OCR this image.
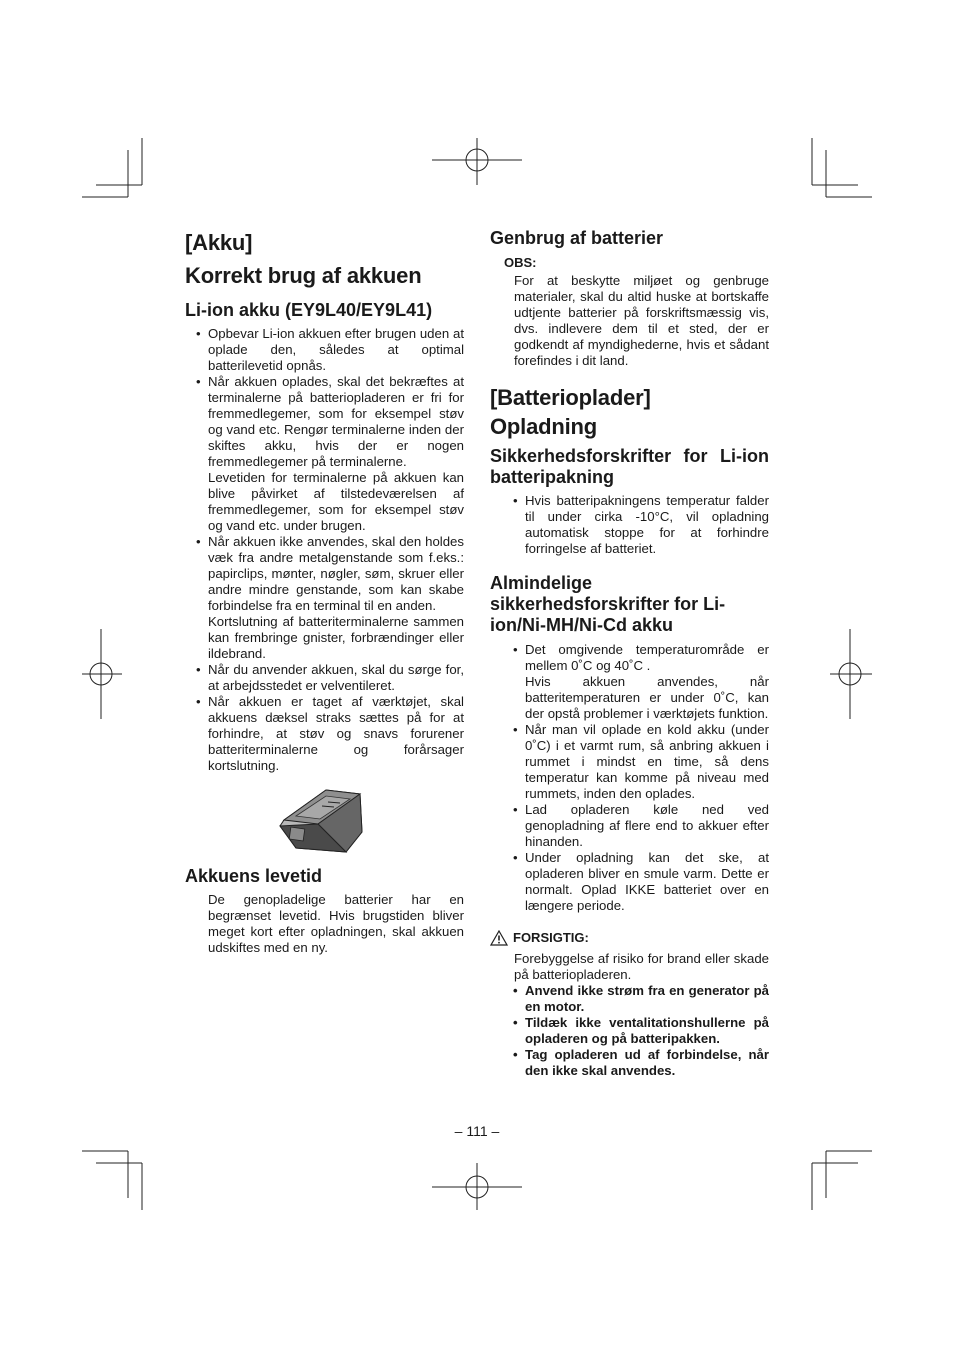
[Akku]
Korrekt brug af akkuen
Li-ion akku (EY9L40/EY9L41)
• Opbevar Li-ion akkuen efter brugen uden at oplade den, således at optimal batterilevetid opnås.
• Når akkuen oplades, skal det bekræftes at terminalerne på batteriopladeren er fri for fremmedlegemer, som for eksempel støv og vand etc. Rengør terminalerne inden der skiftes akku, hvis der er nogen fremmedlegemer på terminalerne.
Levetiden for terminalerne på akkuen kan blive påvirket af tilstedeværelsen af fremmedlegemer, som for eksempel støv og vand etc. under brugen.
• Når akkuen ikke anvendes, skal den holdes væk fra andre metalgenstande som f.eks.: papirclips, mønter, nøgler, søm, skruer eller andre mindre genstande, som kan skabe forbindelse fra en terminal til en anden.
Kortslutning af batteriterminalerne sammen kan frembringe gnister, forbrændinger eller ildebrand.
• Når du anvender akkuen, skal du sørge for, at arbejdsstedet er velventileret.
• Når akkuen er taget af værktøjet, skal akkuens dæksel straks sættes på for at forhindre, at støv og snavs forurener batteriterminalerne og forårsager kortslutning.
Akkuens levetid
De genopladelige batterier har en begrænset levetid. Hvis brugstiden bliver meget kort efter opladningen, skal akkuen udskiftes med en ny.
Genbrug af batterier
OBS:
For at beskytte miljøet og genbruge materialer, skal du altid huske at bortskaffe udtjente batterier på forskriftsmæssig vis, dvs. indlevere dem til et sted, der er godkendt af myndighederne, hvis et sådant forefindes i dit land.
[Batterioplader]
Opladning
Sikkerhedsforskrifter for Li-ion batteripakning
• Hvis batteripakningens temperatur falder til under cirka -10°C, vil opladning automatisk stoppe for at forhindre forringelse af batteriet.
Almindelige sikkerhedsforskrifter for Li-ion/Ni-MH/Ni-Cd akku
• Det omgivende temperaturområde er mellem 0˚C og 40˚C .
Hvis akkuen anvendes, når batteritemperaturen er under 0˚C, kan der opstå problemer i værktøjets funktion.
• Når man vil oplade en kold akku (under 0˚C) i et varmt rum, så anbring akkuen i rummet i mindst en time, så dens temperatur kan komme på niveau med rummets, inden den oplades.
• Lad opladeren køle ned ved genopladning af flere end to akkuer efter hinanden.
• Under opladning kan det ske, at opladeren bliver en smule varm. Dette er normalt. Oplad IKKE batteriet over en længere periode.
FORSIGTIG:
Forebyggelse af risiko for brand eller skade på batteriopladeren.
• Anvend ikke strøm fra en generator på en motor.
• Tildæk ikke ventalitationshullerne på opladeren og på batteripakken.
• Tag opladeren ud af forbindelse, når den ikke skal anvendes.
– 111 –
